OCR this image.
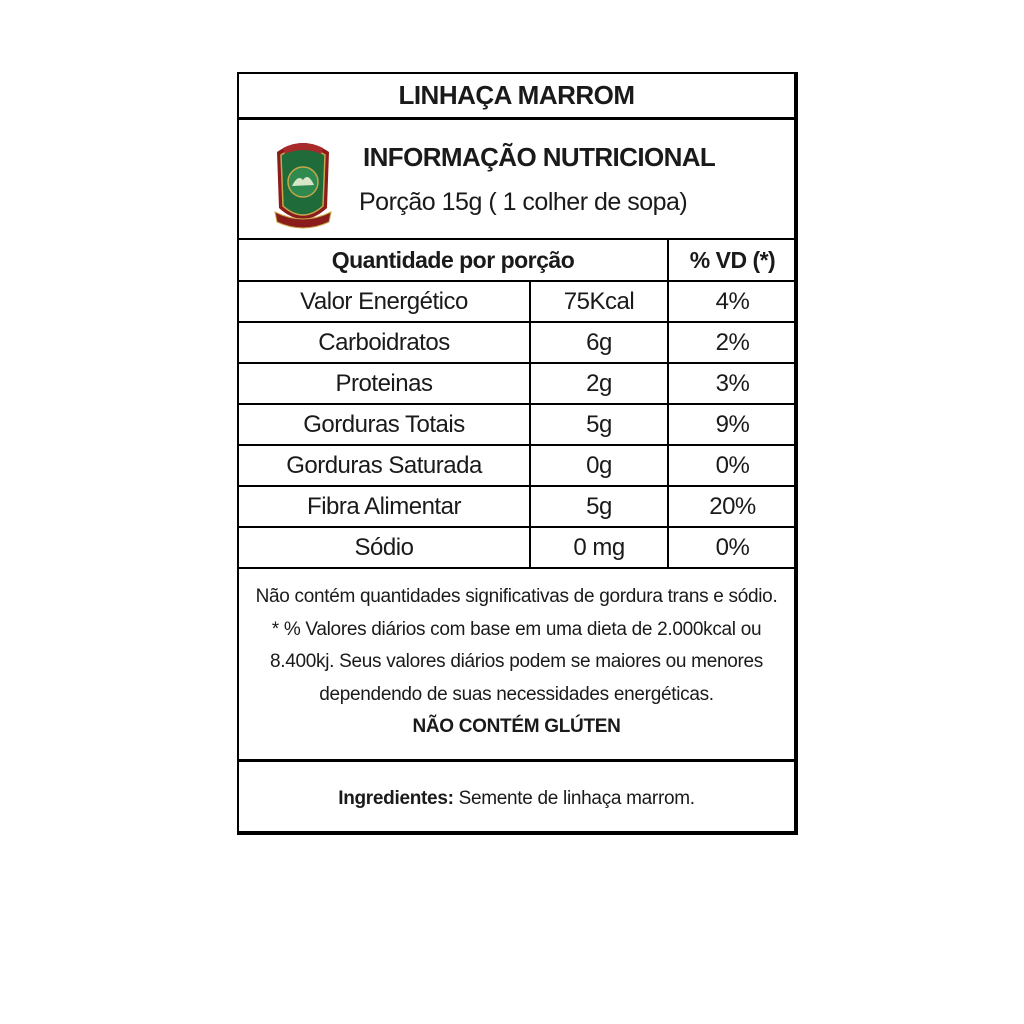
LINHAÇA MARROM
INFORMAÇÃO NUTRICIONAL
Porção 15g ( 1 colher de sopa)
Quantidade por porção		% VD (*)
Valor Energético	75Kcal	4%
Carboidratos	6g	2%
Proteinas	2g	3%
Gorduras Totais	5g	9%
Gorduras Saturada	0g	0%
Fibra Alimentar	5g	20%
Sódio	0 mg	0%
Não contém quantidades significativas de gordura trans e sódio.
* % Valores diários com base em uma dieta de 2.000kcal ou
8.400kj. Seus valores diários podem se maiores ou menores
dependendo de suas necessidades energéticas.
NÃO CONTÉM GLÚTEN
Ingredientes: Semente de linhaça marrom.
